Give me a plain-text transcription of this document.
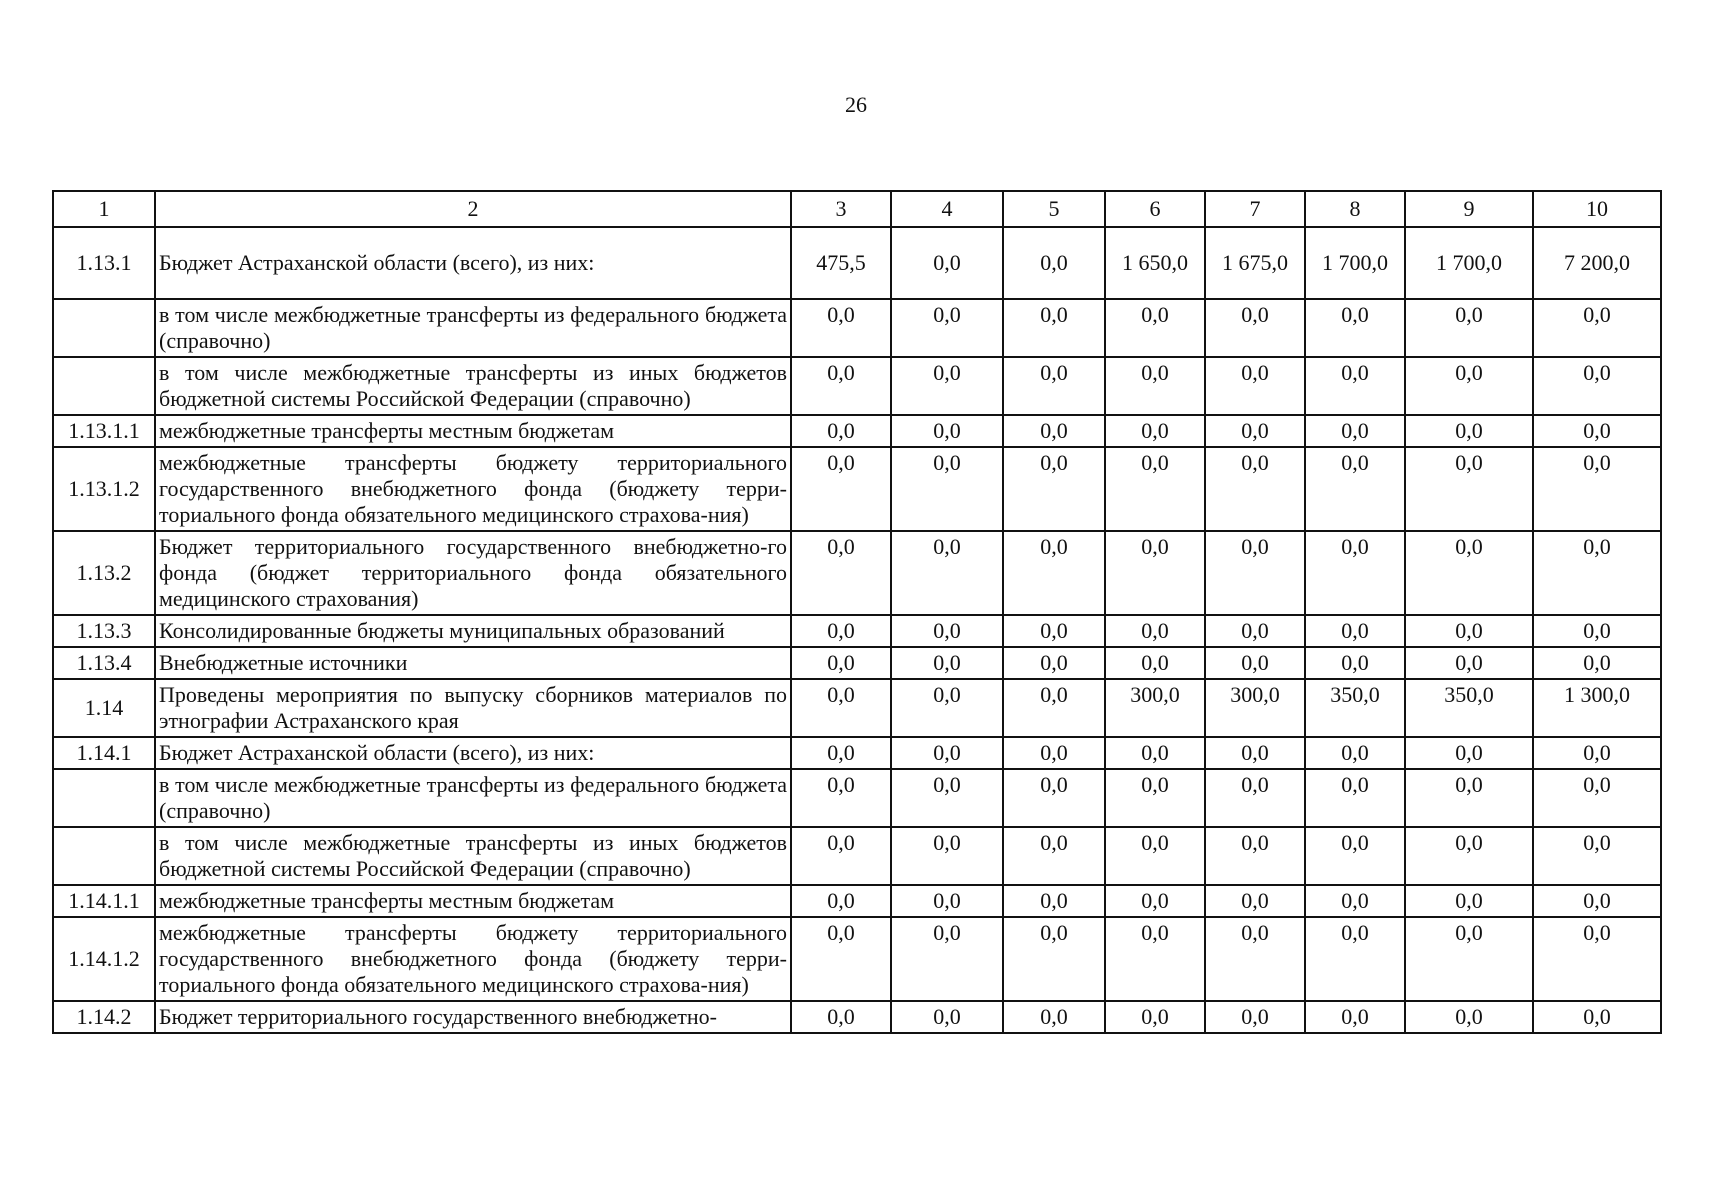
26
1	2	3	4	5	6	7	8	9	10
1.13.1	Бюджет Астраханской области (всего), из них:	475,5	0,0	0,0	1 650,0	1 675,0	1 700,0	1 700,0	7 200,0
	в том числе межбюджетные трансферты из федерального бюджета (справочно)	0,0	0,0	0,0	0,0	0,0	0,0	0,0	0,0
	в том числе межбюджетные трансферты из иных бюджетов бюджетной системы Российской Федерации (справочно)	0,0	0,0	0,0	0,0	0,0	0,0	0,0	0,0
1.13.1.1	межбюджетные трансферты местным бюджетам	0,0	0,0	0,0	0,0	0,0	0,0	0,0	0,0
1.13.1.2	межбюджетные трансферты бюджету территориального государственного внебюджетного фонда (бюджету терри-ториального фонда обязательного медицинского страхова-ния)	0,0	0,0	0,0	0,0	0,0	0,0	0,0	0,0
1.13.2	Бюджет территориального государственного внебюджетно-го фонда (бюджет территориального фонда обязательного медицинского страхования)	0,0	0,0	0,0	0,0	0,0	0,0	0,0	0,0
1.13.3	Консолидированные бюджеты муниципальных образований	0,0	0,0	0,0	0,0	0,0	0,0	0,0	0,0
1.13.4	Внебюджетные источники	0,0	0,0	0,0	0,0	0,0	0,0	0,0	0,0
1.14	Проведены мероприятия по выпуску сборников материалов по этнографии Астраханского края	0,0	0,0	0,0	300,0	300,0	350,0	350,0	1 300,0
1.14.1	Бюджет Астраханской области (всего), из них:	0,0	0,0	0,0	0,0	0,0	0,0	0,0	0,0
	в том числе межбюджетные трансферты из федерального бюджета (справочно)	0,0	0,0	0,0	0,0	0,0	0,0	0,0	0,0
	в том числе межбюджетные трансферты из иных бюджетов бюджетной системы Российской Федерации (справочно)	0,0	0,0	0,0	0,0	0,0	0,0	0,0	0,0
1.14.1.1	межбюджетные трансферты местным бюджетам	0,0	0,0	0,0	0,0	0,0	0,0	0,0	0,0
1.14.1.2	межбюджетные трансферты бюджету территориального государственного внебюджетного фонда (бюджету терри-ториального фонда обязательного медицинского страхова-ния)	0,0	0,0	0,0	0,0	0,0	0,0	0,0	0,0
1.14.2	Бюджет территориального государственного внебюджетно-	0,0	0,0	0,0	0,0	0,0	0,0	0,0	0,0
